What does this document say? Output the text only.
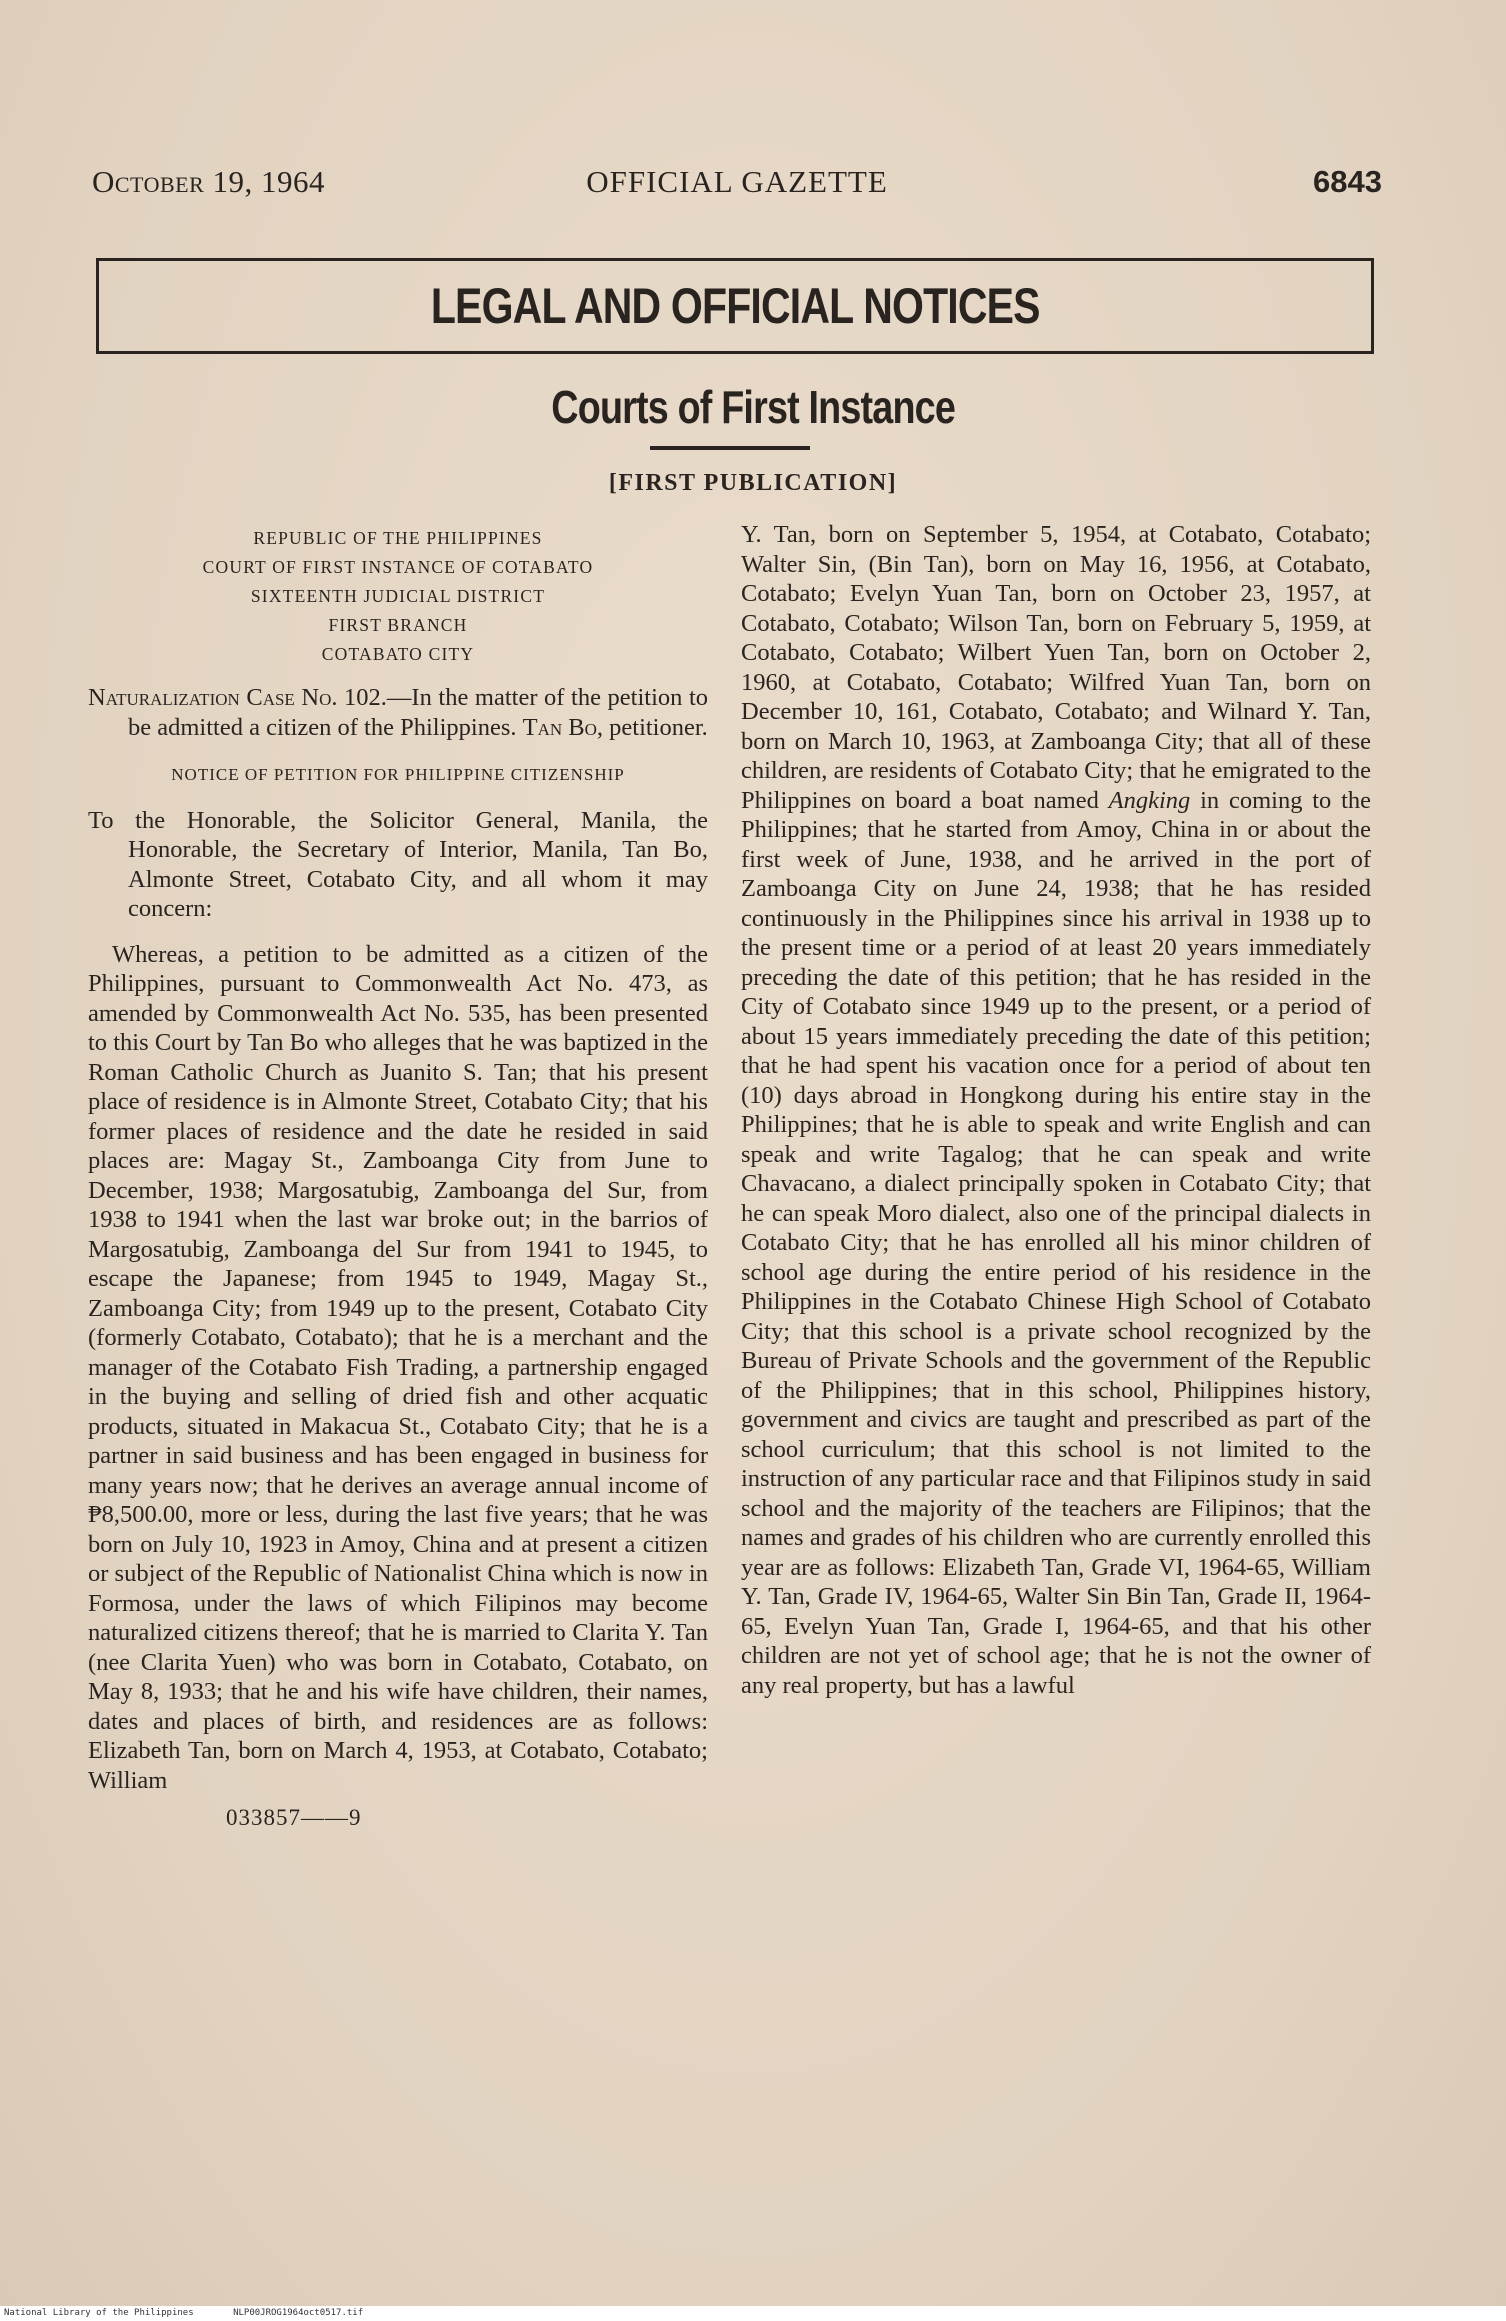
October 19, 1964	OFFICIAL GAZETTE	6843
LEGAL AND OFFICIAL NOTICES
Courts of First Instance
[FIRST PUBLICATION]
REPUBLIC OF THE PHILIPPINES
COURT OF FIRST INSTANCE OF COTABATO
SIXTEENTH JUDICIAL DISTRICT
FIRST BRANCH
COTABATO CITY
Naturalization Case No. 102.—In the matter of the petition to be admitted a citizen of the Philippines. Tan Bo, petitioner.
NOTICE OF PETITION FOR PHILIPPINE CITIZENSHIP
To the Honorable, the Solicitor General, Manila, the Honorable, the Secretary of Interior, Manila, Tan Bo, Almonte Street, Cotabato City, and all whom it may concern:
Whereas, a petition to be admitted as a citizen of the Philippines, pursuant to Commonwealth Act No. 473, as amended by Commonwealth Act No. 535, has been presented to this Court by Tan Bo who alleges that he was baptized in the Roman Catholic Church as Juanito S. Tan; that his present place of residence is in Almonte Street, Cotabato City; that his former places of residence and the date he resided in said places are: Magay St., Zamboanga City from June to December, 1938; Margosatubig, Zamboanga del Sur, from 1938 to 1941 when the last war broke out; in the barrios of Margosatubig, Zamboanga del Sur from 1941 to 1945, to escape the Japanese; from 1945 to 1949, Magay St., Zamboanga City; from 1949 up to the present, Cotabato City (formerly Cotabato, Cotabato); that he is a merchant and the manager of the Cotabato Fish Trading, a partnership engaged in the buying and selling of dried fish and other acquatic products, situated in Makacua St., Cotabato City; that he is a partner in said business and has been engaged in business for many years now; that he derives an average annual income of ₱8,500.00, more or less, during the last five years; that he was born on July 10, 1923 in Amoy, China and at present a citizen or subject of the Republic of Nationalist China which is now in Formosa, under the laws of which Filipinos may become naturalized citizens thereof; that he is married to Clarita Y. Tan (nee Clarita Yuen) who was born in Cotabato, Cotabato, on May 8, 1933; that he and his wife have children, their names, dates and places of birth, and residences are as follows: Elizabeth Tan, born on March 4, 1953, at Cotabato, Cotabato; William
033857——9

Y. Tan, born on September 5, 1954, at Cotabato, Cotabato; Walter Sin, (Bin Tan), born on May 16, 1956, at Cotabato, Cotabato; Evelyn Yuan Tan, born on October 23, 1957, at Cotabato, Cotabato; Wilson Tan, born on February 5, 1959, at Cotabato, Cotabato; Wilbert Yuen Tan, born on October 2, 1960, at Cotabato, Cotabato; Wilfred Yuan Tan, born on December 10, 161, Cotabato, Cotabato; and Wilnard Y. Tan, born on March 10, 1963, at Zamboanga City; that all of these children, are residents of Cotabato City; that he emigrated to the Philippines on board a boat named Angking in coming to the Philippines; that he started from Amoy, China in or about the first week of June, 1938, and he arrived in the port of Zamboanga City on June 24, 1938; that he has resided continuously in the Philippines since his arrival in 1938 up to the present time or a period of at least 20 years immediately preceding the date of this petition; that he has resided in the City of Cotabato since 1949 up to the present, or a period of about 15 years immediately preceding the date of this petition; that he had spent his vacation once for a period of about ten (10) days abroad in Hongkong during his entire stay in the Philippines; that he is able to speak and write English and can speak and write Tagalog; that he can speak and write Chavacano, a dialect principally spoken in Cotabato City; that he can speak Moro dialect, also one of the principal dialects in Cotabato City; that he has enrolled all his minor children of school age during the entire period of his residence in the Philippines in the Cotabato Chinese High School of Cotabato City; that this school is a private school recognized by the Bureau of Private Schools and the government of the Republic of the Philippines; that in this school, Philippines history, government and civics are taught and prescribed as part of the school curriculum; that this school is not limited to the instruction of any particular race and that Filipinos study in said school and the majority of the teachers are Filipinos; that the names and grades of his children who are currently enrolled this year are as follows: Elizabeth Tan, Grade VI, 1964-65, William Y. Tan, Grade IV, 1964-65, Walter Sin Bin Tan, Grade II, 1964-65, Evelyn Yuan Tan, Grade I, 1964-65, and that his other children are not yet of school age; that he is not the owner of any real property, but has a lawful

National Library of the Philippines	NLP00JROG1964oct0517.tif
